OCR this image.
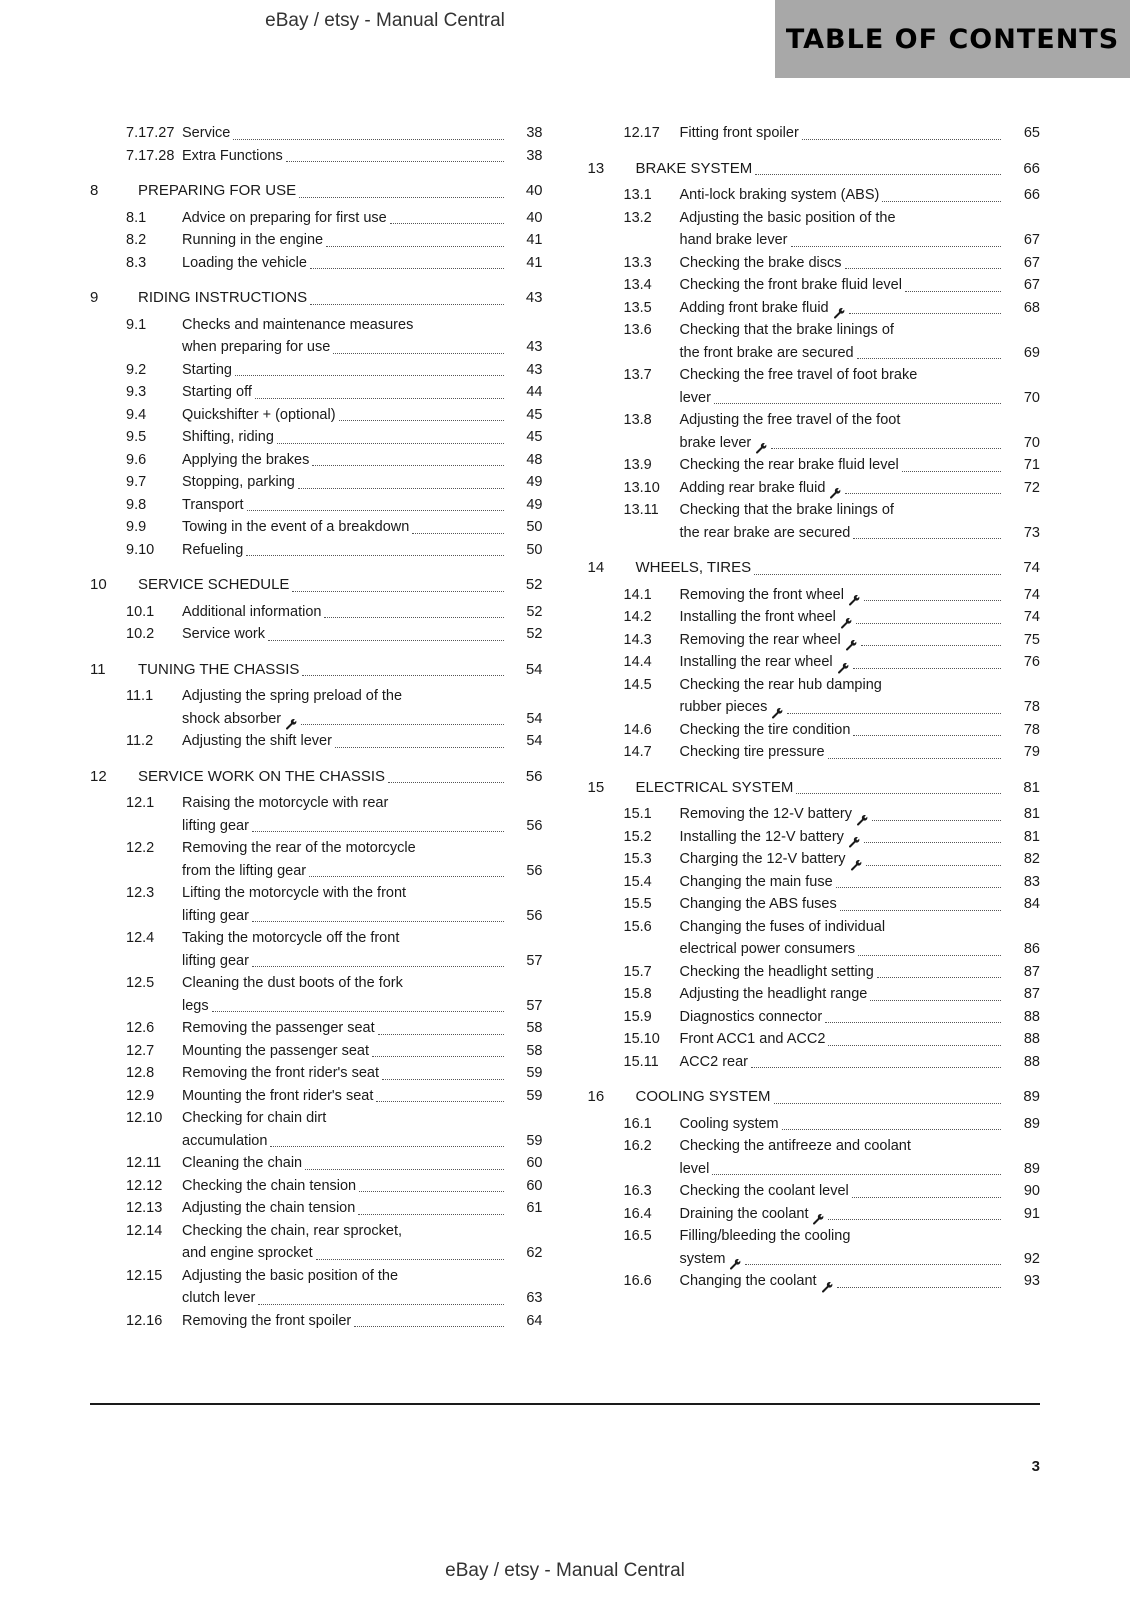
eBay / etsy - Manual Central
TABLE OF CONTENTS
7.17.27 Service	38
7.17.28 Extra Functions	38
8	PREPARING FOR USE	40
8.1	Advice on preparing for first use	40
8.2	Running in the engine	41
8.3	Loading the vehicle	41
9	RIDING INSTRUCTIONS	43
9.1	Checks and maintenance measures
when preparing for use	43
9.2	Starting	43
9.3	Starting off	44
9.4	Quickshifter + (optional)	45
9.5	Shifting, riding	45
9.6	Applying the brakes	48
9.7	Stopping, parking	49
9.8	Transport	49
9.9	Towing in the event of a breakdown	50
9.10	Refueling	50
10	SERVICE SCHEDULE	52
10.1	Additional information	52
10.2	Service work	52
11	TUNING THE CHASSIS	54
11.1	Adjusting the spring preload of the
shock absorber	54
11.2	Adjusting the shift lever	54
12	SERVICE WORK ON THE CHASSIS	56
12.1	Raising the motorcycle with rear
lifting gear	56
12.2	Removing the rear of the motorcycle
from the lifting gear	56
12.3	Lifting the motorcycle with the front
lifting gear	56
12.4	Taking the motorcycle off the front
lifting gear	57
12.5	Cleaning the dust boots of the fork
legs	57
12.6	Removing the passenger seat	58
12.7	Mounting the passenger seat	58
12.8	Removing the front rider's seat	59
12.9	Mounting the front rider's seat	59
12.10	Checking for chain dirt
accumulation	59
12.11	Cleaning the chain	60
12.12	Checking the chain tension	60
12.13	Adjusting the chain tension	61
12.14	Checking the chain, rear sprocket,
and engine sprocket	62
12.15	Adjusting the basic position of the
clutch lever	63
12.16	Removing the front spoiler	64
12.17	Fitting front spoiler	65
13	BRAKE SYSTEM	66
13.1	Anti-lock braking system (ABS)	66
13.2	Adjusting the basic position of the
hand brake lever	67
13.3	Checking the brake discs	67
13.4	Checking the front brake fluid level	67
13.5	Adding front brake fluid	68
13.6	Checking that the brake linings of
the front brake are secured	69
13.7	Checking the free travel of foot brake
lever	70
13.8	Adjusting the free travel of the foot
brake lever	70
13.9	Checking the rear brake fluid level	71
13.10	Adding rear brake fluid	72
13.11	Checking that the brake linings of
the rear brake are secured	73
14	WHEELS, TIRES	74
14.1	Removing the front wheel	74
14.2	Installing the front wheel	74
14.3	Removing the rear wheel	75
14.4	Installing the rear wheel	76
14.5	Checking the rear hub damping
rubber pieces	78
14.6	Checking the tire condition	78
14.7	Checking tire pressure	79
15	ELECTRICAL SYSTEM	81
15.1	Removing the 12-V battery	81
15.2	Installing the 12-V battery	81
15.3	Charging the 12-V battery	82
15.4	Changing the main fuse	83
15.5	Changing the ABS fuses	84
15.6	Changing the fuses of individual
electrical power consumers	86
15.7	Checking the headlight setting	87
15.8	Adjusting the headlight range	87
15.9	Diagnostics connector	88
15.10	Front ACC1 and ACC2	88
15.11	ACC2 rear	88
16	COOLING SYSTEM	89
16.1	Cooling system	89
16.2	Checking the antifreeze and coolant
level	89
16.3	Checking the coolant level	90
16.4	Draining the coolant	91
16.5	Filling/bleeding the cooling
system	92
16.6	Changing the coolant	93
3
eBay / etsy - Manual Central
